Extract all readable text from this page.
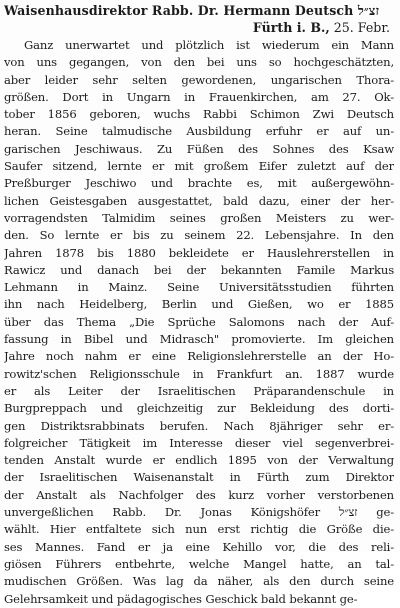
Waisenhausdirektor Rabb. Dr. Hermann Deutsch זצ״ל
Fürth i. B., 25. Febr.
Ganz unerwartet und plötzlich ist wiederum ein Mann
von uns gegangen, von den bei uns so hochgeschätzten,
aber leider sehr selten gewordenen, ungarischen Thora-
größen. Dort in Ungarn in Frauenkirchen, am 27. Ok-
tober 1856 geboren, wuchs Rabbi Schimon Zwi Deutsch
heran. Seine talmudische Ausbildung erfuhr er auf un-
garischen Jeschiwaus. Zu Füßen des Sohnes des Ksaw
Saufer sitzend, lernte er mit großem Eifer zuletzt auf der
Preßburger Jeschiwo und brachte es, mit außergewöhn-
lichen Geistesgaben ausgestattet, bald dazu, einer der her-
vorragendsten Talmidim seines großen Meisters zu wer-
den. So lernte er bis zu seinem 22. Lebensjahre. In den
Jahren 1878 bis 1880 bekleidete er Hauslehrerstellen in
Rawicz und danach bei der bekannten Famile Markus
Lehmann in Mainz. Seine Universitätsstudien führten
ihn nach Heidelberg, Berlin und Gießen, wo er 1885
über das Thema „Die Sprüche Salomons nach der Auf-
fassung in Bibel und Midrasch" promovierte. Im gleichen
Jahre noch nahm er eine Religionslehrerstelle an der Ho-
rowitz'schen Religionsschule in Frankfurt an. 1887 wurde
er als Leiter der Israelitischen Präparandenschule in
Burgpreppach und gleichzeitig zur Bekleidung des dorti-
gen Distriktsrabbinats berufen. Nach 8jähriger sehr er-
folgreicher Tätigkeit im Interesse dieser viel segenverbrei-
tenden Anstalt wurde er endlich 1895 von der Verwaltung
der Israelitischen Waisenanstalt in Fürth zum Direktor
der Anstalt als Nachfolger des kurz vorher verstorbenen
unvergeßlichen Rabb. Dr. Jonas Königshöfer זצ״ל ge-
wählt. Hier entfaltete sich nun erst richtig die Größe die-
ses Mannes. Fand er ja eine Kehillo vor, die des reli-
giösen Führers entbehrte, welche Mangel hatte, an tal-
mudischen Größen. Was lag da näher, als den durch seine
Gelehrsamkeit und pädagogisches Geschick bald bekannt ge-
